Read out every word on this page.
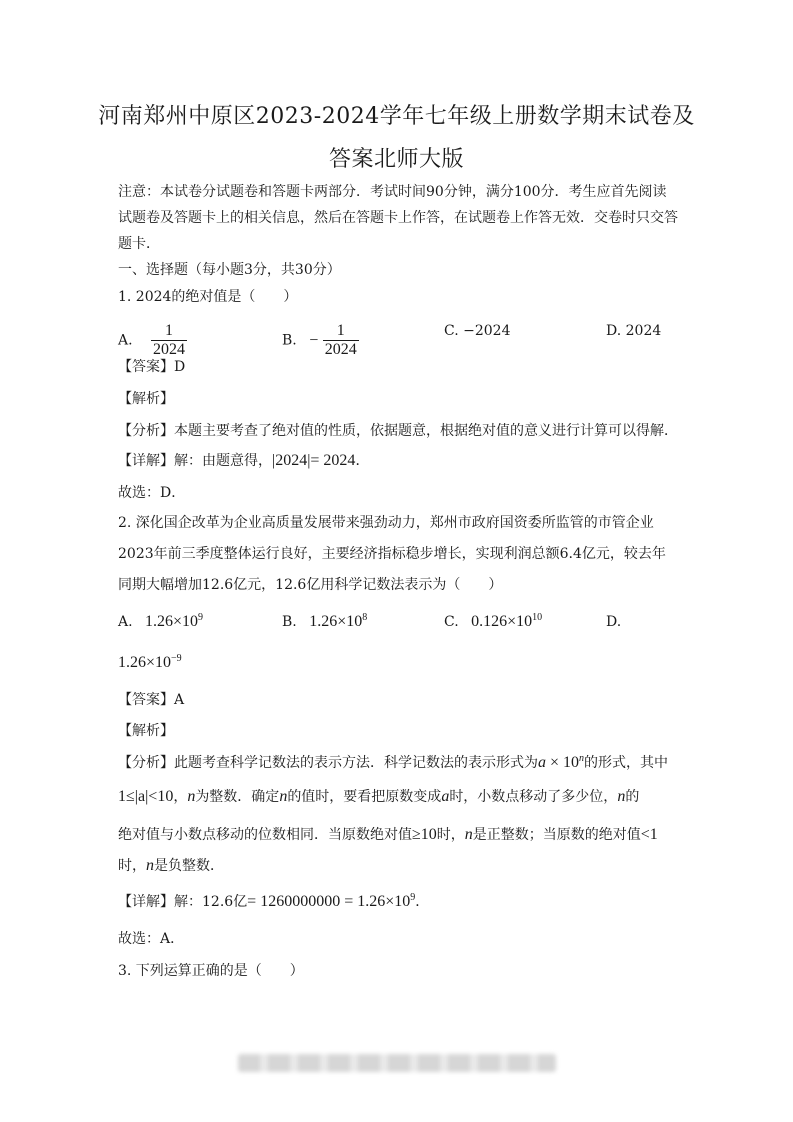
河南郑州中原区2023-2024学年七年级上册数学期末试卷及
答案北师大版
注意：本试卷分试题卷和答题卡两部分．考试时间90分钟，满分100分．考生应首先阅读
试题卷及答题卡上的相关信息，然后在答题卡上作答，在试题卷上作答无效．交卷时只交答
题卡．
一、选择题（每小题3分，共30分）
1. 2024的绝对值是（　　）
A. $\frac{1}{2024}$	B. − $\frac{1}{2024}$	C. −2024	D. 2024
【答案】D
【解析】
【分析】本题主要考查了绝对值的性质，依据题意，根据绝对值的意义进行计算可以得解．
【详解】解：由题意得，|2024|= 2024．
故选：D．
2. 深化国企改革为企业高质量发展带来强劲动力，郑州市政府国资委所监管的市管企业
2023年前三季度整体运行良好，主要经济指标稳步增长，实现利润总额6.4亿元，较去年
同期大幅增加12.6亿元，12.6亿用科学记数法表示为（　　）
A. $1.26\times 10^9$	B. $1.26\times 10^8$	C. $0.126\times 10^{10}$	D.
$1.26\times 10^{-9}$
【答案】A
【解析】
【分析】此题考查科学记数法的表示方法．科学记数法的表示形式为$a \times 10^n$的形式，其中
1≤|a|<10，n为整数．确定n的值时，要看把原数变成a时，小数点移动了多少位，n的
绝对值与小数点移动的位数相同．当原数绝对值≥10时，n是正整数；当原数的绝对值<1
时，n是负整数．
【详解】解：12.6亿= $1260000000 = 1.26\times 10^9$．
故选：A．
3. 下列运算正确的是（　　）
